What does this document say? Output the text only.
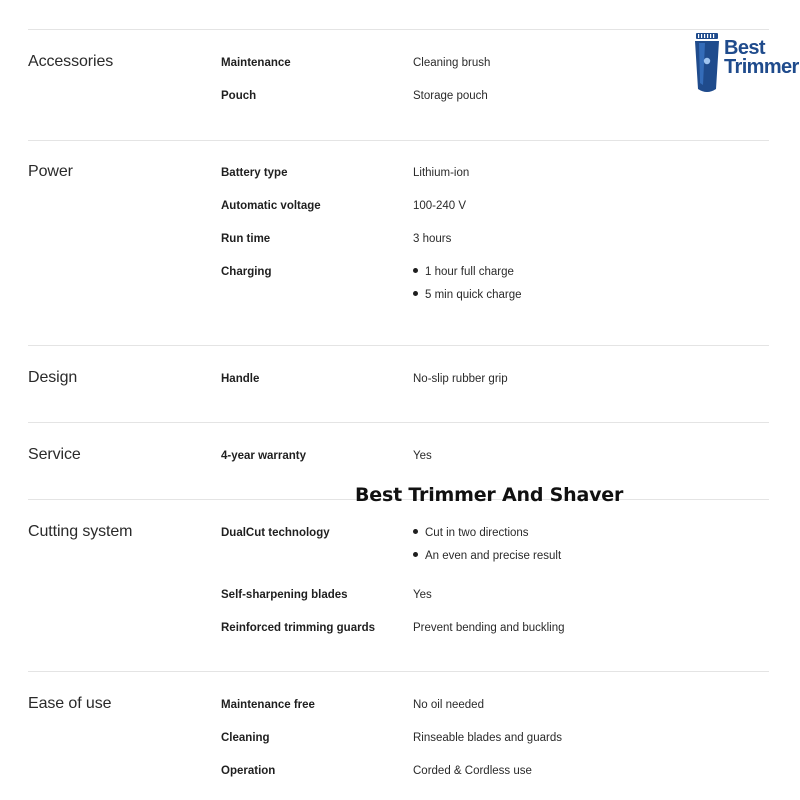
Accessories	Maintenance	Cleaning brush
Pouch	Storage pouch
Power	Battery type	Lithium-ion
Automatic voltage	100-240 V
Run time	3 hours
Charging	1 hour full charge
5 min quick charge
Design	Handle	No-slip rubber grip
Service	4-year warranty	Yes
Cutting system	DualCut technology	Cut in two directions
An even and precise result
Self-sharpening blades	Yes
Reinforced trimming guards	Prevent bending and buckling
Ease of use	Maintenance free	No oil needed
Cleaning	Rinseable blades and guards
Operation	Corded & Cordless use
Best Trimmer And Shaver
Best
Trimmer
